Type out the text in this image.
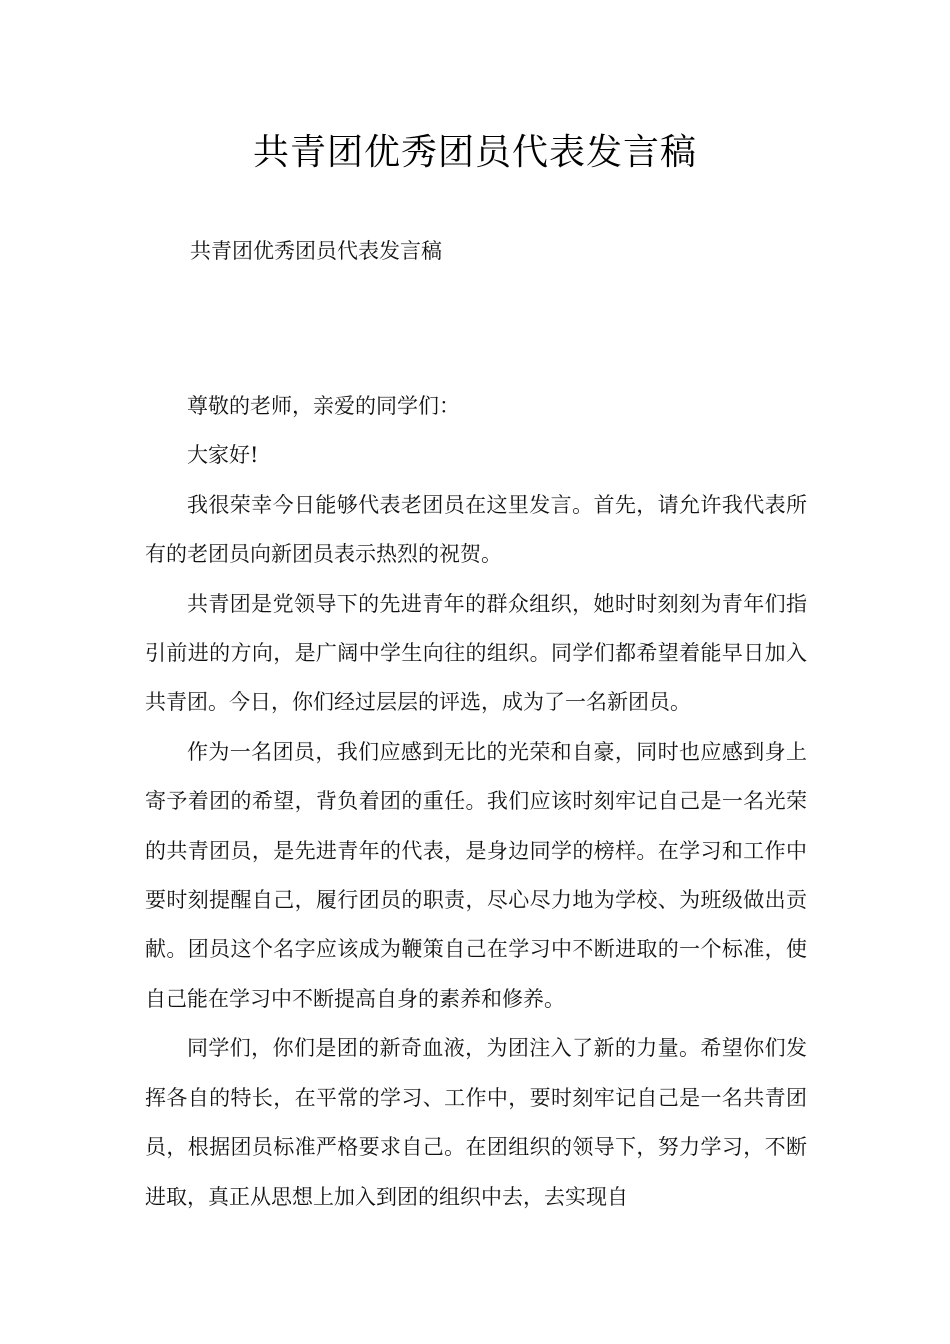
共青团优秀团员代表发言稿

共青团优秀团员代表发言稿

尊敬的老师，亲爱的同学们：

大家好!

我很荣幸今日能够代表老团员在这里发言。首先，请允许我代表所有的老团员向新团员表示热烈的祝贺。

共青团是党领导下的先进青年的群众组织，她时时刻刻为青年们指引前进的方向，是广阔中学生向往的组织。同学们都希望着能早日加入共青团。今日，你们经过层层的评选，成为了一名新团员。

作为一名团员，我们应感到无比的光荣和自豪，同时也应感到身上寄予着团的希望，背负着团的重任。我们应该时刻牢记自己是一名光荣的共青团员，是先进青年的代表，是身边同学的榜样。在学习和工作中要时刻提醒自己，履行团员的职责，尽心尽力地为学校、为班级做出贡献。团员这个名字应该成为鞭策自己在学习中不断进取的一个标准，使自己能在学习中不断提高自身的素养和修养。

同学们，你们是团的新奇血液，为团注入了新的力量。希望你们发挥各自的特长，在平常的学习、工作中，要时刻牢记自己是一名共青团员，根据团员标准严格要求自己。在团组织的领导下，努力学习，不断进取，真正从思想上加入到团的组织中去，去实现自
